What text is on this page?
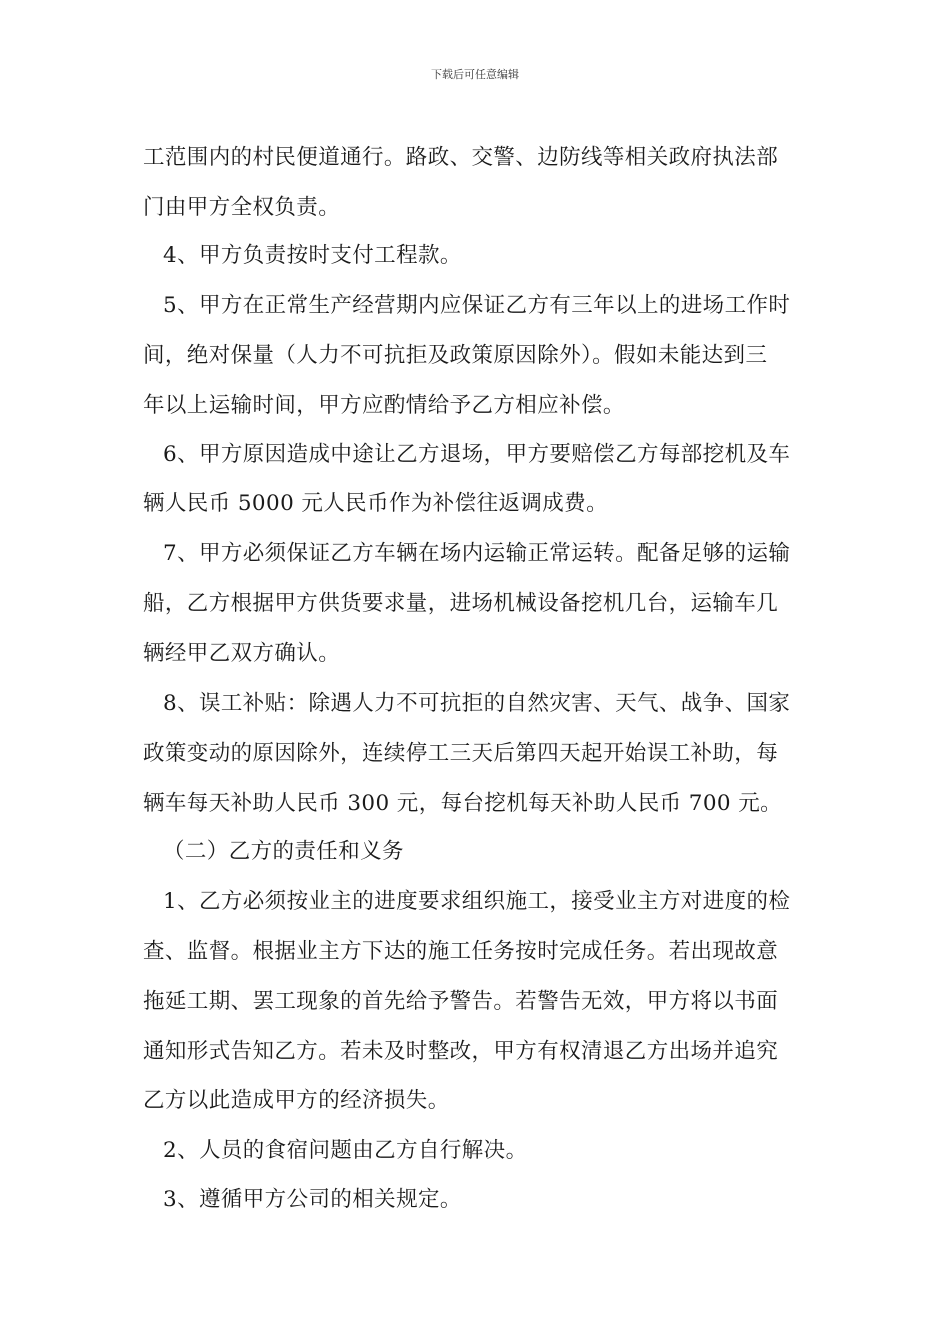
下载后可任意编辑
工范围内的村民便道通行。路政、交警、边防线等相关政府执法部
门由甲方全权负责。
4、甲方负责按时支付工程款。
5、甲方在正常生产经营期内应保证乙方有三年以上的进场工作时
间，绝对保量（人力不可抗拒及政策原因除外）。假如未能达到三
年以上运输时间，甲方应酌情给予乙方相应补偿。
6、甲方原因造成中途让乙方退场，甲方要赔偿乙方每部挖机及车
辆人民币 5000 元人民币作为补偿往返调成费。
7、甲方必须保证乙方车辆在场内运输正常运转。配备足够的运输
船，乙方根据甲方供货要求量，进场机械设备挖机几台，运输车几
辆经甲乙双方确认。
8、误工补贴：除遇人力不可抗拒的自然灾害、天气、战争、国家
政策变动的原因除外，连续停工三天后第四天起开始误工补助，每
辆车每天补助人民币 300 元，每台挖机每天补助人民币 700 元。
（二）乙方的责任和义务
1、乙方必须按业主的进度要求组织施工，接受业主方对进度的检
查、监督。根据业主方下达的施工任务按时完成任务。若出现故意
拖延工期、罢工现象的首先给予警告。若警告无效，甲方将以书面
通知形式告知乙方。若未及时整改，甲方有权清退乙方出场并追究
乙方以此造成甲方的经济损失。
2、人员的食宿问题由乙方自行解决。
3、遵循甲方公司的相关规定。
